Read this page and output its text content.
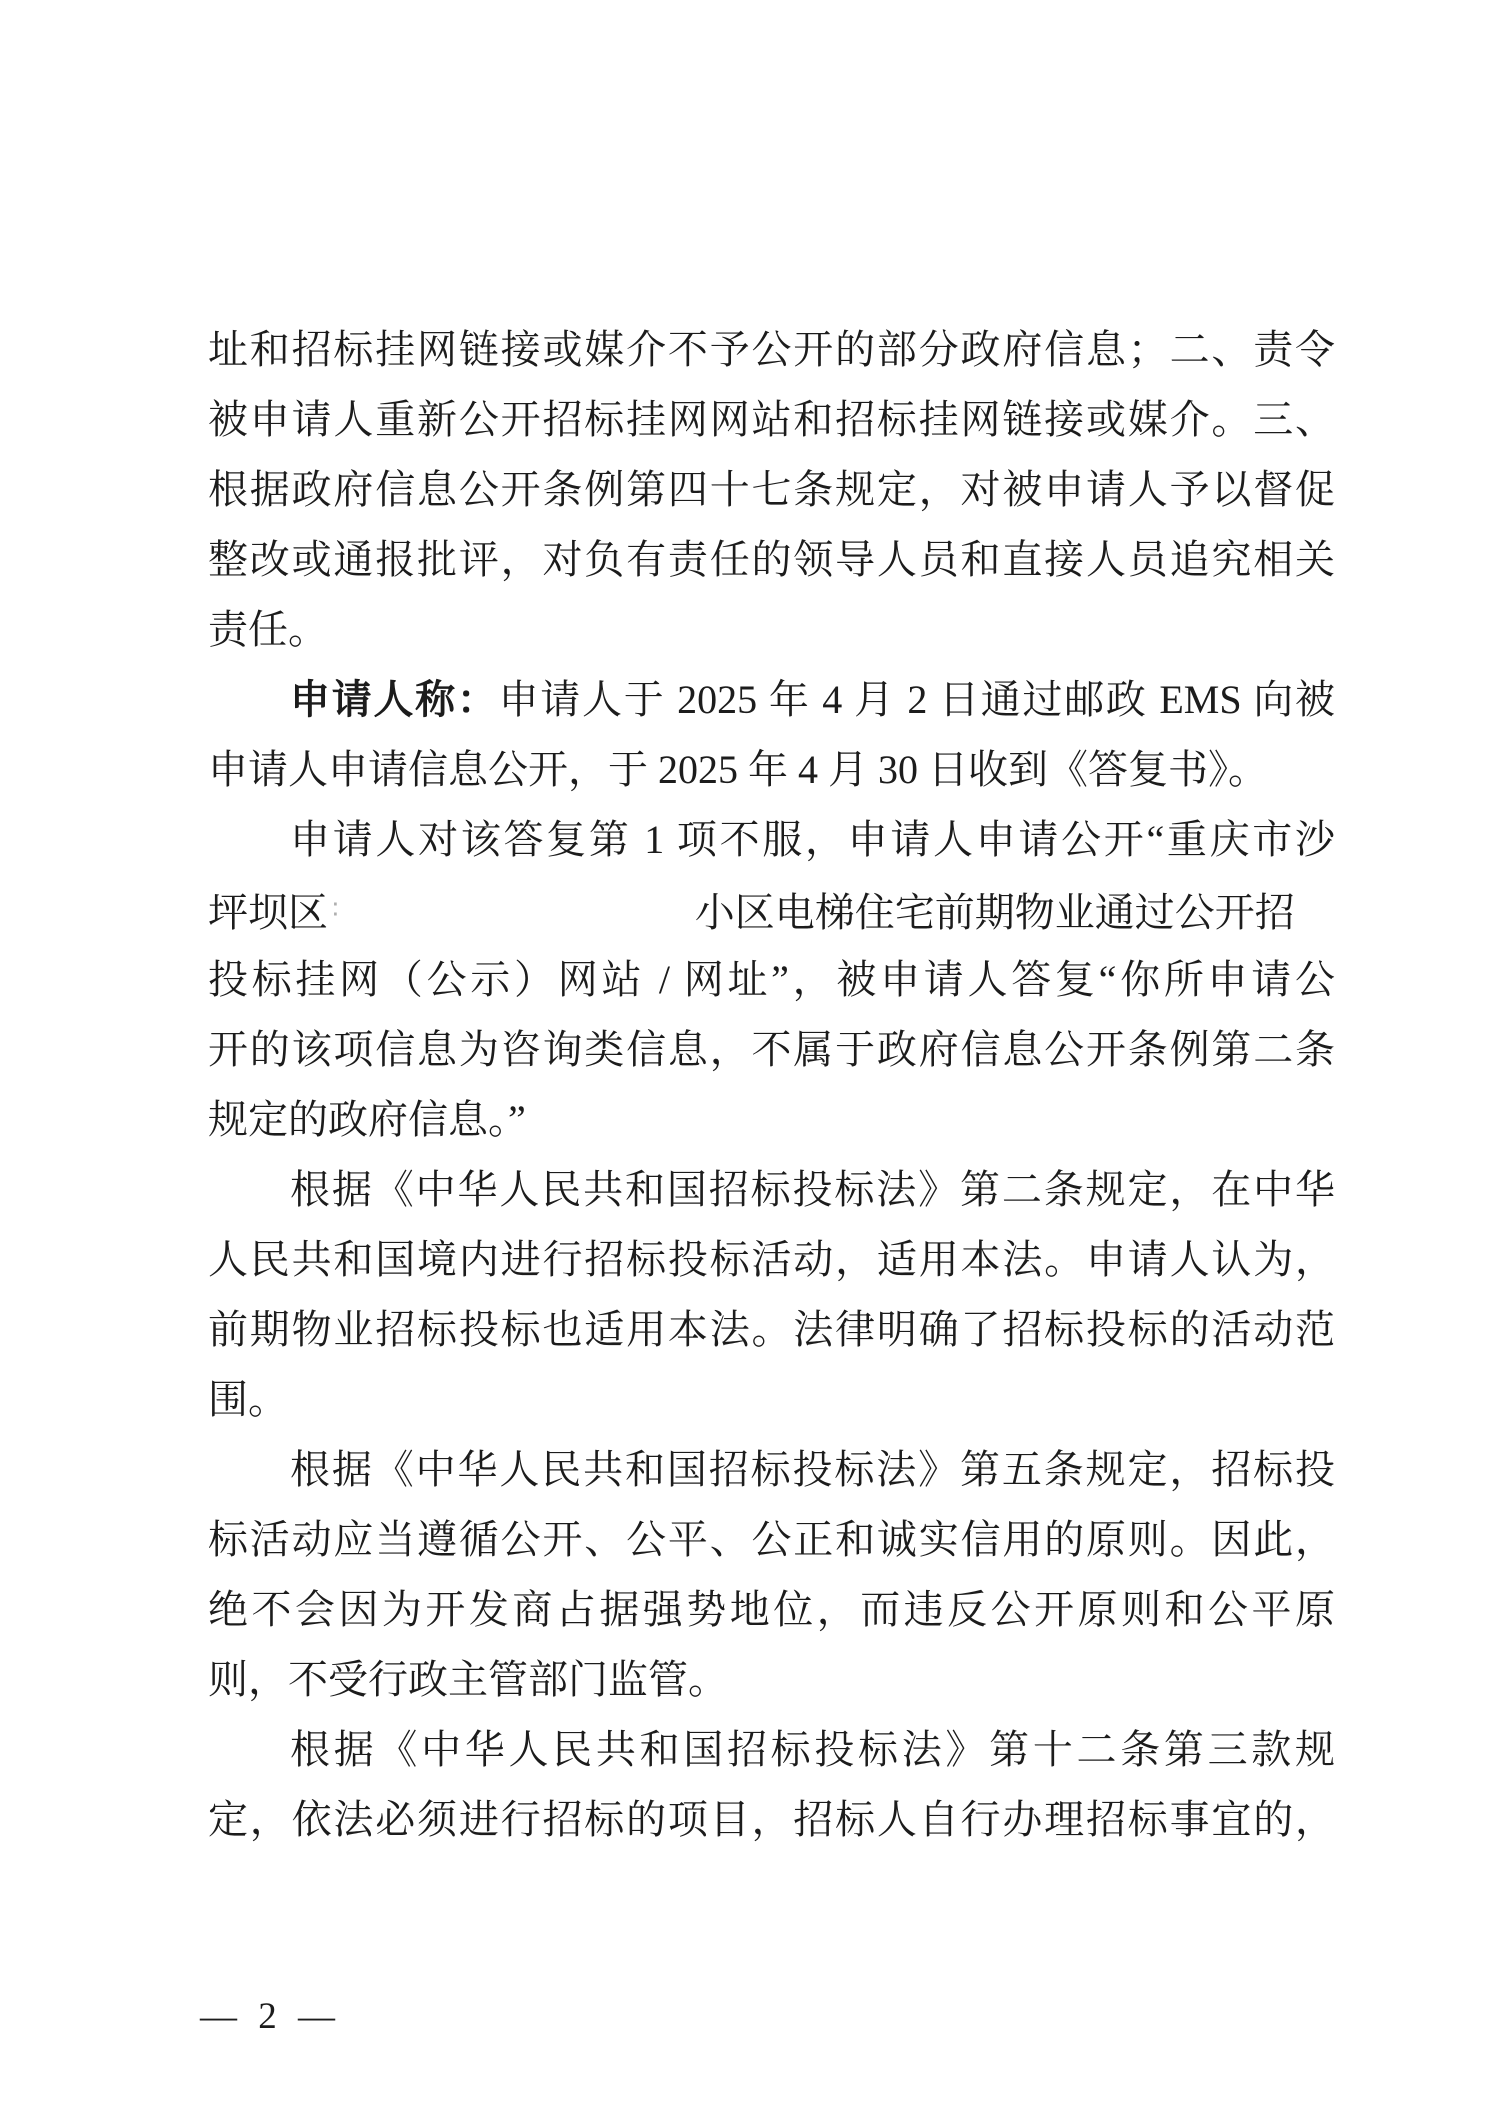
址和招标挂网链接或媒介不予公开的部分政府信息；二、责令

被申请人重新公开招标挂网网站和招标挂网链接或媒介。三、

根据政府信息公开条例第四十七条规定，对被申请人予以督促

整改或通报批评，对负有责任的领导人员和直接人员追究相关

责任。

申请人称：申请人于 2025 年 4 月 2 日通过邮政 EMS 向被

申请人申请信息公开，于 2025 年 4 月 30 日收到《答复书》。

申请人对该答复第 1 项不服，申请人申请公开“重庆市沙

坪坝区 ∶	小区电梯住宅前期物业通过公开招

投标挂网（公示）网站 / 网址”，被申请人答复“你所申请公

开的该项信息为咨询类信息，不属于政府信息公开条例第二条

规定的政府信息。”

根据《中华人民共和国招标投标法》第二条规定，在中华

人民共和国境内进行招标投标活动，适用本法。申请人认为，

前期物业招标投标也适用本法。法律明确了招标投标的活动范

围。

根据《中华人民共和国招标投标法》第五条规定，招标投

标活动应当遵循公开、公平、公正和诚实信用的原则。因此，

绝不会因为开发商占据强势地位，而违反公开原则和公平原

则，不受行政主管部门监管。

根据《中华人民共和国招标投标法》第十二条第三款规

定，依法必须进行招标的项目，招标人自行办理招标事宜的，

— 2 —
